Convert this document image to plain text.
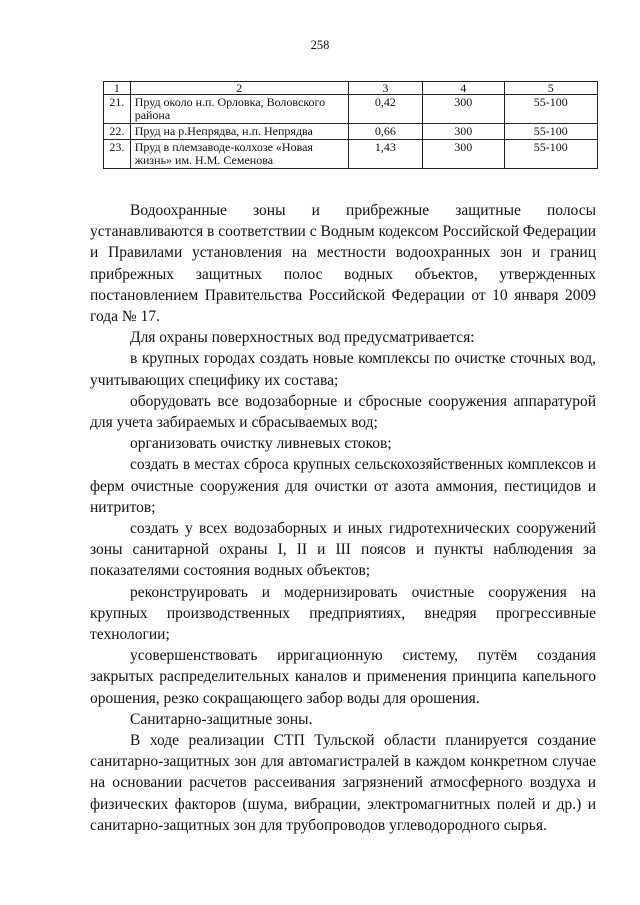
258
1	2	3	4	5
21.	Пруд около н.п. Орловка, Воловского района	0,42	300	55-100
22.	Пруд на р.Непрядва, н.п. Непрядва	0,66	300	55-100
23.	Пруд в племзаводе-колхозе «Новая жизнь» им. Н.М. Семенова	1,43	300	55-100

Водоохранные зоны и прибрежные защитные полосы устанавливаются в соответствии с Водным кодексом Российской Федерации и Правилами установления на местности водоохранных зон и границ прибрежных защитных полос водных объектов, утвержденных постановлением Правительства Российской Федерации от 10 января 2009 года № 17.

Для охраны поверхностных вод предусматривается:

в крупных городах создать новые комплексы по очистке сточных вод, учитывающих специфику их состава;

оборудовать все водозаборные и сбросные сооружения аппаратурой для учета забираемых и сбрасываемых вод;

организовать очистку ливневых стоков;

создать в местах сброса крупных сельскохозяйственных комплексов и ферм очистные сооружения для очистки от азота аммония, пестицидов и нитритов;

создать у всех водозаборных и иных гидротехнических сооружений зоны санитарной охраны I, II и III поясов и пункты наблюдения за показателями состояния водных объектов;

реконструировать и модернизировать очистные сооружения на крупных производственных предприятиях, внедряя прогрессивные технологии;

усовершенствовать ирригационную систему, путём создания закрытых распределительных каналов и применения принципа капельного орошения, резко сокращающего забор воды для орошения.

Санитарно-защитные зоны.

В ходе реализации СТП Тульской области планируется создание санитарно-защитных зон для автомагистралей в каждом конкретном случае на основании расчетов рассеивания загрязнений атмосферного воздуха и физических факторов (шума, вибрации, электромагнитных полей и др.) и санитарно-защитных зон для трубопроводов углеводородного сырья.
